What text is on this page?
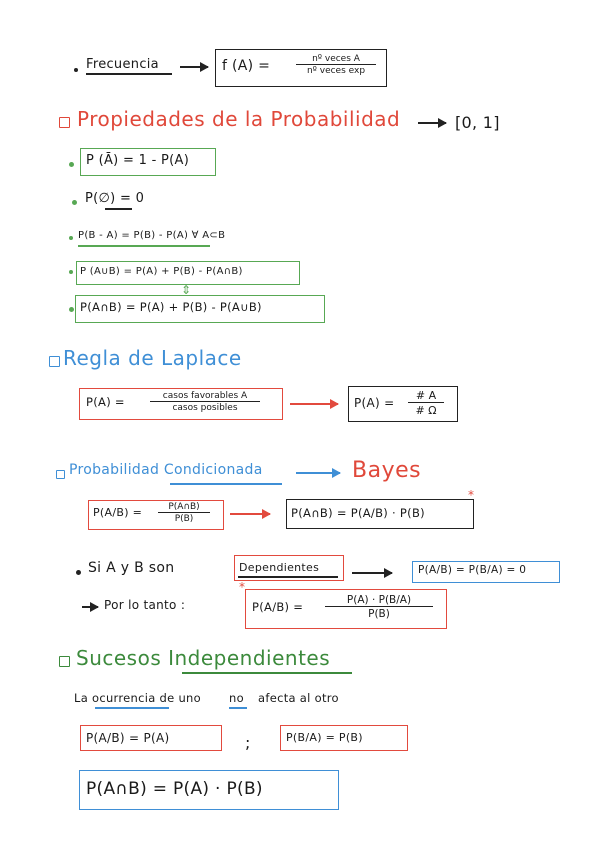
Frecuencia	f (A) =	nº veces A
nº veces exp
Propiedades de la Probabilidad	[0, 1]
P (Ā) = 1 - P(A)
P(∅) = 0
P(B - A) = P(B) - P(A) ∀ A⊂B
P (A∪B) = P(A) + P(B) - P(A∩B)
⇕
P(A∩B) = P(A) + P(B) - P(A∪B)
Regla de Laplace
P(A) =	casos favorables A
casos posibles	$P(A) = \frac{\# A}{\# \Omega}$
Probabilidad Condicionada	Bayes
$P(A/B) = \frac{P(A\cap B)}{P(B)}$	P(A∩B) = P(A/B) · P(B)
*
Si A y B son	Dependientes	P(A/B) = P(B/A) = 0
Por lo tanto :
*
$P(A/B) = \frac{P(A) \cdot P(B/A)}{P(B)}$
Sucesos Independientes
La ocurrencia de uno no afecta al otro
P(A/B) = P(A)	;	P(B/A) = P(B)
P(A∩B) = P(A) · P(B)
